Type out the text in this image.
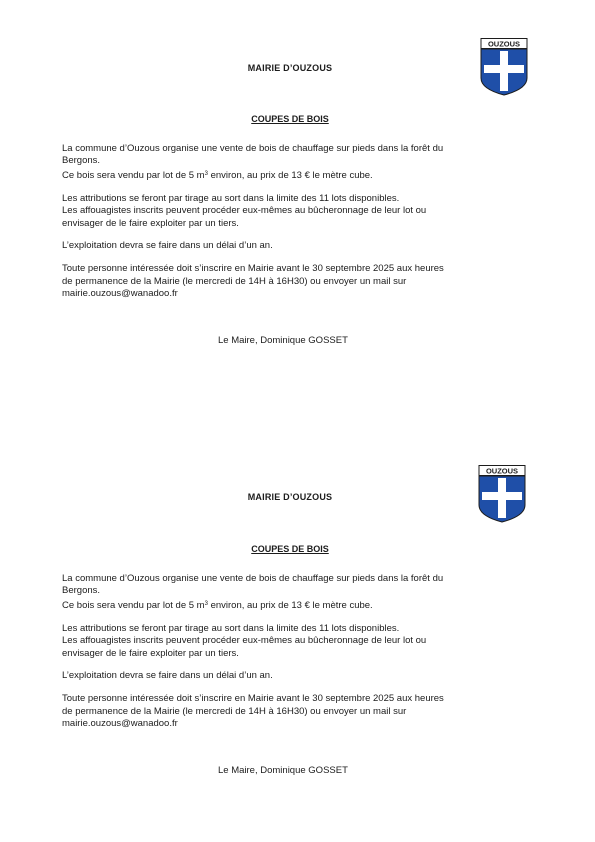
OUZOUS
MAIRIE D’OUZOUS
COUPES DE BOIS
La commune d’Ouzous organise une vente de bois de chauffage sur pieds dans la forêt du
Bergons.
Ce bois sera vendu par lot de 5 $m^3$ environ, au prix de 13 € le mètre cube.
Les attributions se feront par tirage au sort dans la limite des 11 lots disponibles.
Les affouagistes inscrits peuvent procéder eux-mêmes au bûcheronnage de leur lot ou
envisager de le faire exploiter par un tiers.
L’exploitation devra se faire dans un délai d’un an.
Toute personne intéressée doit s’inscrire en Mairie avant le 30 septembre 2025 aux heures
de permanence de la Mairie (le mercredi de 14H à 16H30) ou envoyer un mail sur
mairie.ouzous@wanadoo.fr
Le Maire, Dominique GOSSET
OUZOUS
MAIRIE D’OUZOUS
COUPES DE BOIS
La commune d’Ouzous organise une vente de bois de chauffage sur pieds dans la forêt du
Bergons.
Ce bois sera vendu par lot de 5 $m^3$ environ, au prix de 13 € le mètre cube.
Les attributions se feront par tirage au sort dans la limite des 11 lots disponibles.
Les affouagistes inscrits peuvent procéder eux-mêmes au bûcheronnage de leur lot ou
envisager de le faire exploiter par un tiers.
L’exploitation devra se faire dans un délai d’un an.
Toute personne intéressée doit s’inscrire en Mairie avant le 30 septembre 2025 aux heures
de permanence de la Mairie (le mercredi de 14H à 16H30) ou envoyer un mail sur
mairie.ouzous@wanadoo.fr
Le Maire, Dominique GOSSET
